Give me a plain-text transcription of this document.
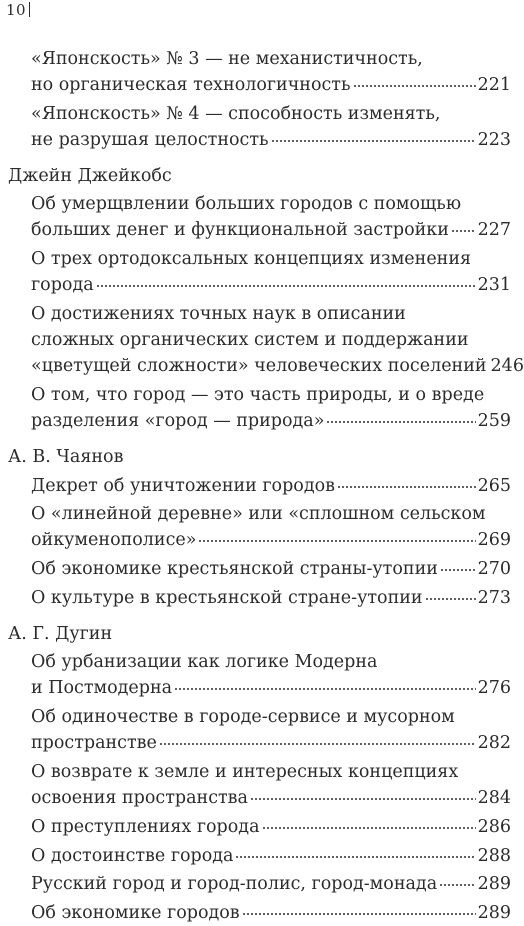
10
«Японскость» № 3 — не механистичность,
но органическая технологичность	221
«Японскость» № 4 — способность изменять,
не разрушая целостность	223
Джейн Джейкобс
Об умерщвлении больших городов с помощью
больших денег и функциональной застройки 227
О трех ортодоксальных концепциях изменения
города	231
О достижениях точных наук в описании
сложных органических систем и поддержании
«цветущей сложности» человеческих поселений 246
О том, что город — это часть природы, и о вреде
разделения «город — природа»	259
А. В. Чаянов
Декрет об уничтожении городов	265
О «линейной деревне» или «сплошном сельском
ойкуменополисе»	269
Об экономике крестьянской страны-утопии 270
О культуре в крестьянской стране-утопии	273
А. Г. Дугин
Об урбанизации как логике Модерна
и Постмодерна	276
Об одиночестве в городе-сервисе и мусорном
пространстве	282
О возврате к земле и интересных концепциях
освоения пространства	284
О преступлениях города	286
О достоинстве города	288
Русский город и город-полис, город-монада 289
Об экономике городов	289
